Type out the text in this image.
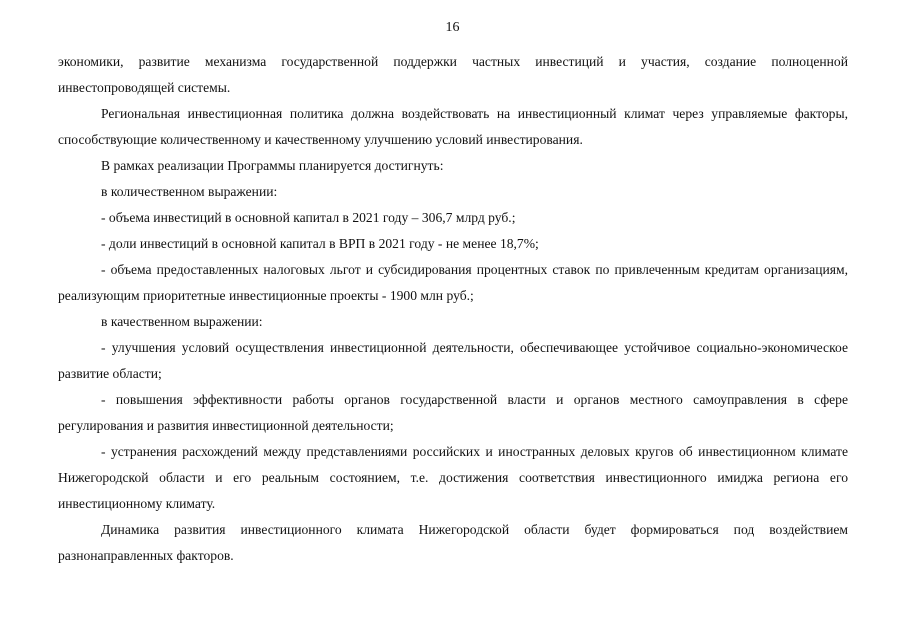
16

экономики, развитие механизма государственной поддержки частных инвестиций и участия, создание полноценной инвестопроводящей системы.

Региональная инвестиционная политика должна воздействовать на инвестиционный климат через управляемые факторы, способствующие количественному и качественному улучшению условий инвестирования.

В рамках реализации Программы планируется достигнуть:

в количественном выражении:

- объема инвестиций в основной капитал в 2021 году – 306,7 млрд руб.;

- доли инвестиций в основной капитал в ВРП в 2021 году - не менее 18,7%;

- объема предоставленных налоговых льгот и субсидирования процентных ставок по привлеченным кредитам организациям, реализующим приоритетные инвестиционные проекты - 1900 млн руб.;

в качественном выражении:

- улучшения условий осуществления инвестиционной деятельности, обеспечивающее устойчивое социально-экономическое развитие области;

- повышения эффективности работы органов государственной власти и органов местного самоуправления в сфере регулирования и развития инвестиционной деятельности;

- устранения расхождений между представлениями российских и иностранных деловых кругов об инвестиционном климате Нижегородской области и его реальным состоянием, т.е. достижения соответствия инвестиционного имиджа региона его инвестиционному климату.

Динамика развития инвестиционного климата Нижегородской области будет формироваться под воздействием разнонаправленных факторов.
